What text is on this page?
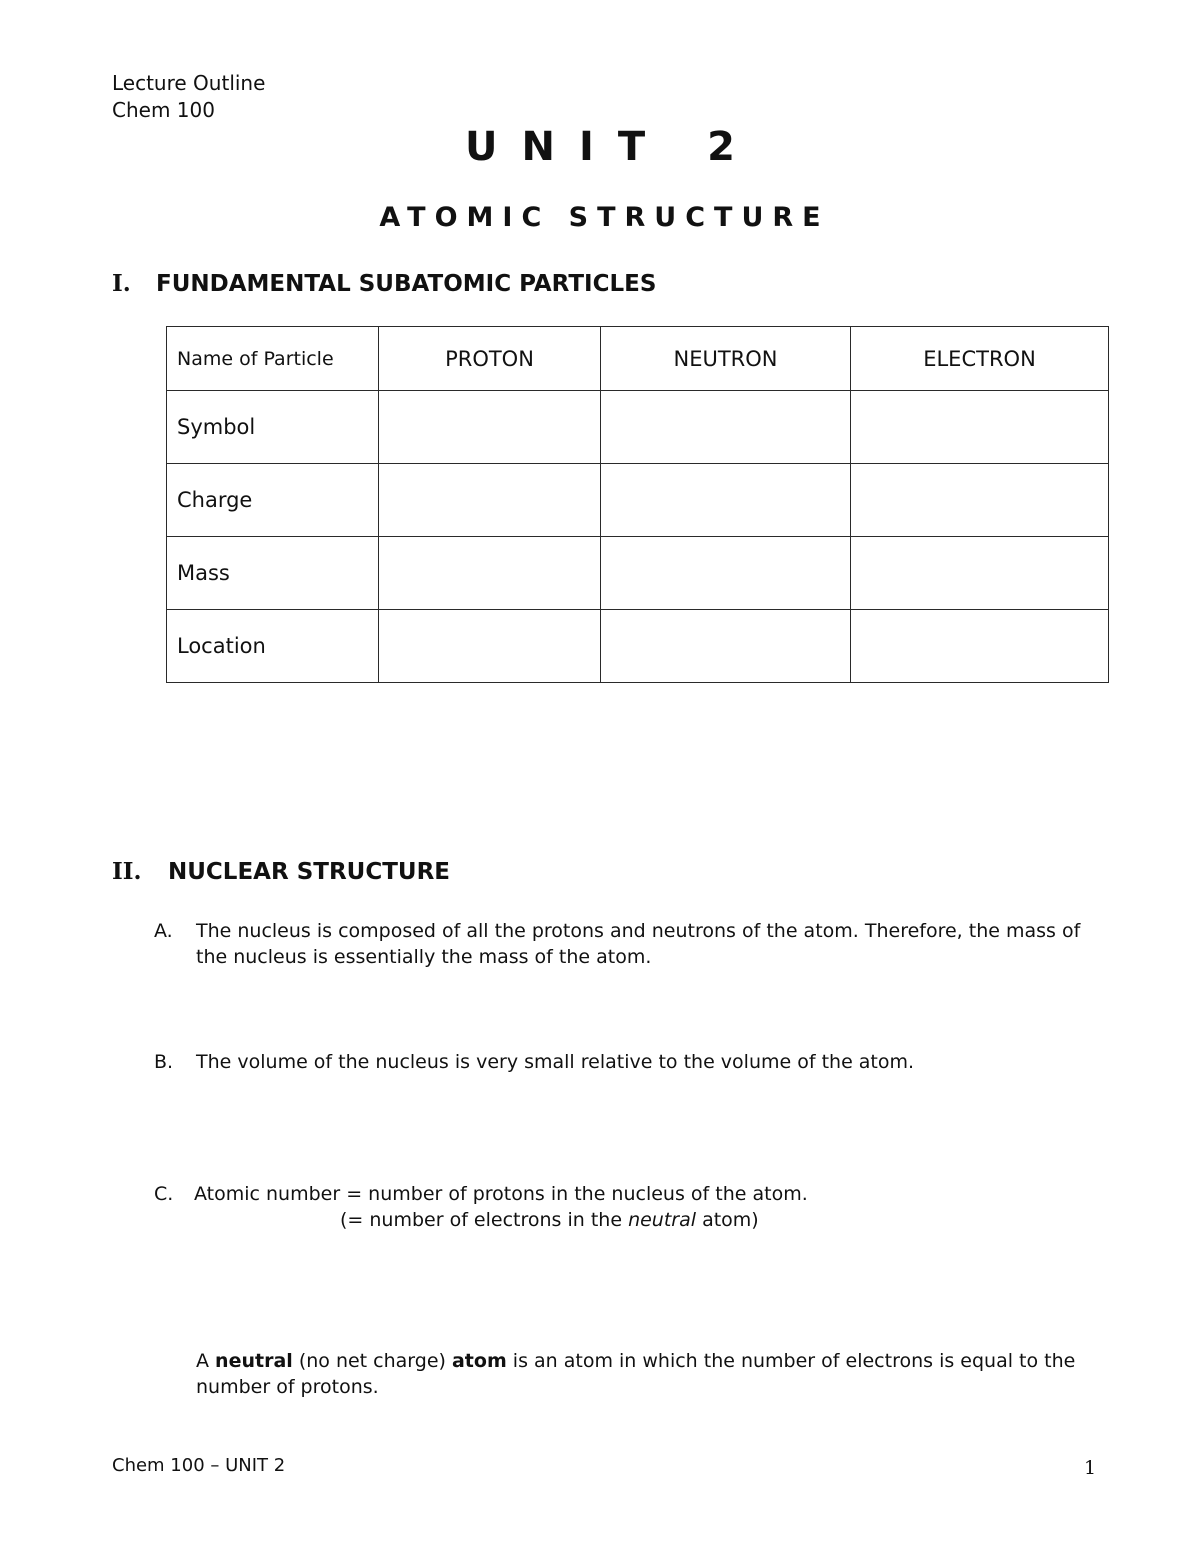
Lecture Outline
Chem 100
UNIT 2
ATOMIC STRUCTURE
I. FUNDAMENTAL SUBATOMIC PARTICLES
Name of Particle	PROTON	NEUTRON	ELECTRON
Symbol			
Charge			
Mass			
Location			
II. NUCLEAR STRUCTURE
A. The nucleus is composed of all the protons and neutrons of the atom. Therefore, the mass of
the nucleus is essentially the mass of the atom.
B. The volume of the nucleus is very small relative to the volume of the atom.
C. Atomic number = number of protons in the nucleus of the atom.
(= number of electrons in the neutral atom)
A neutral (no net charge) atom is an atom in which the number of electrons is equal to the
number of protons.
Chem 100 – UNIT 2	1
